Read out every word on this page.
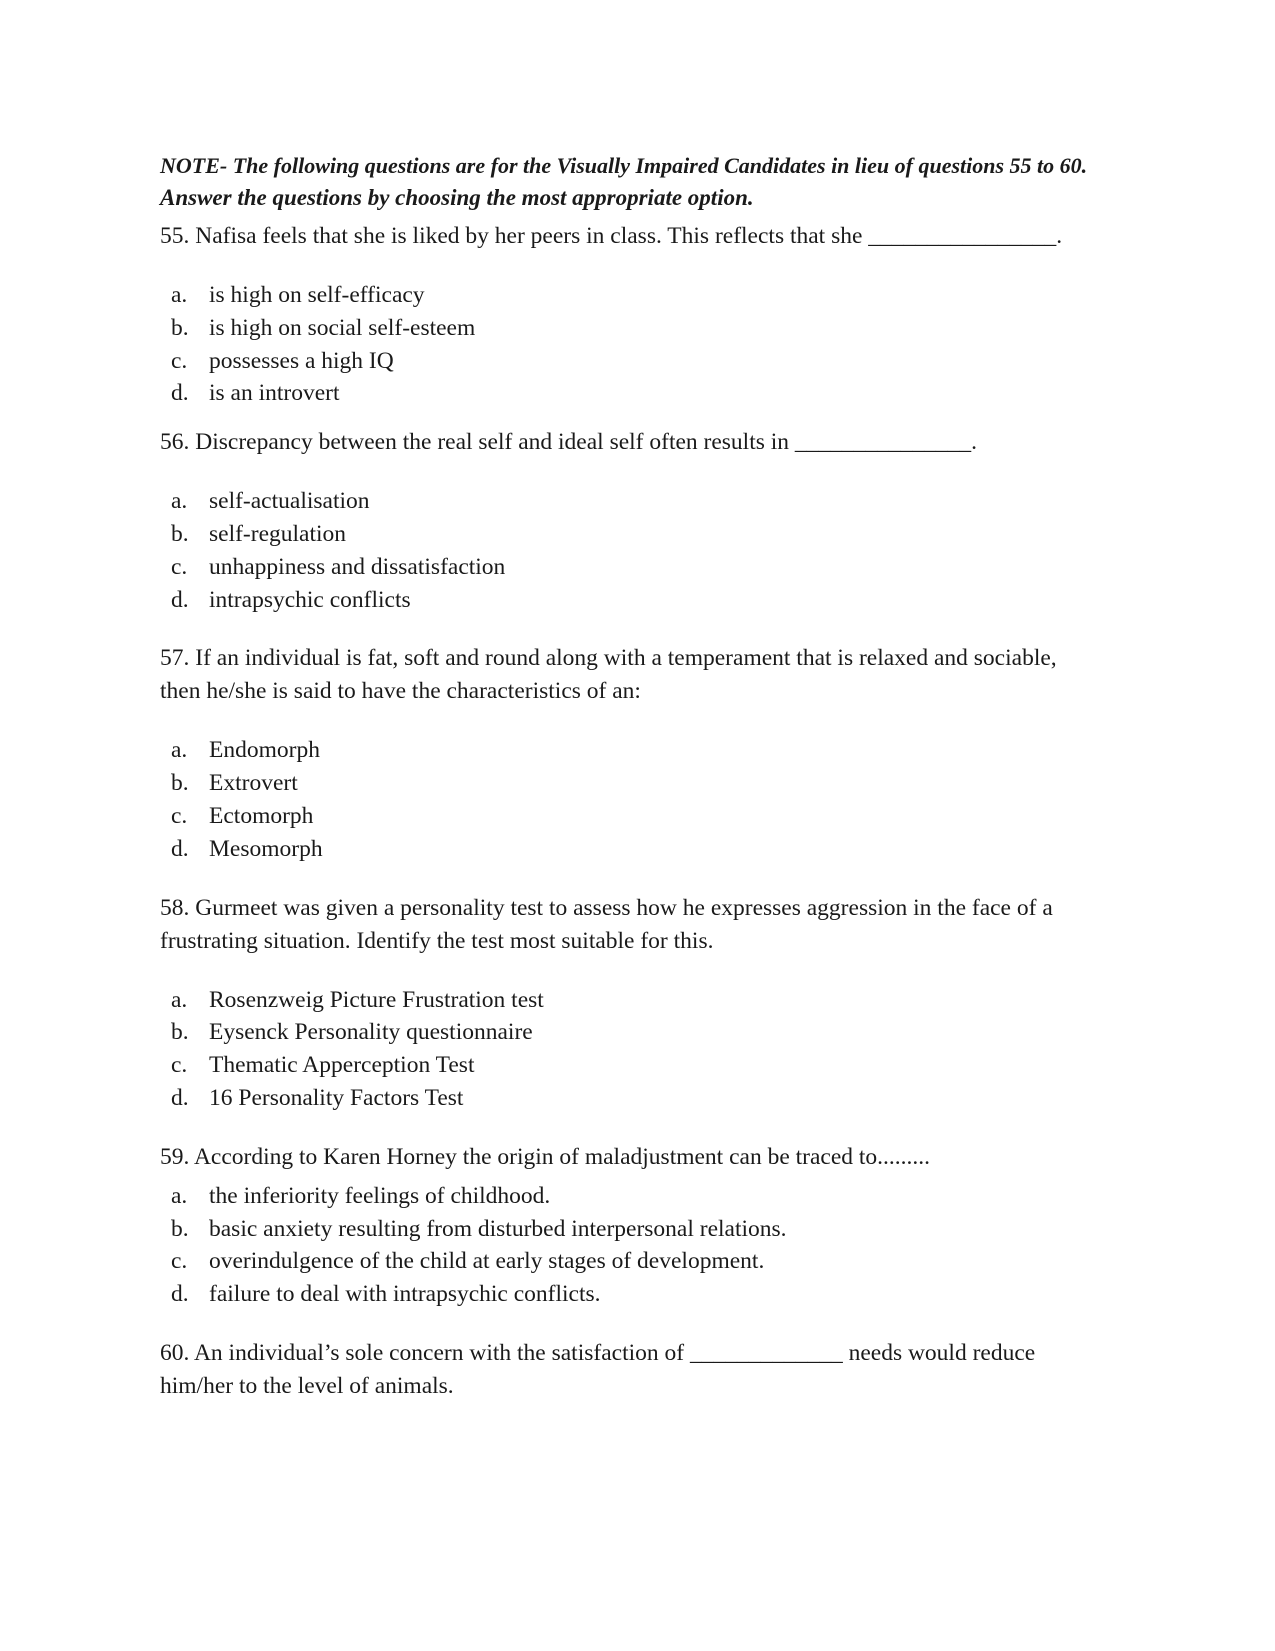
NOTE- The following questions are for the Visually Impaired Candidates in lieu of questions 55 to 60.
Answer the questions by choosing the most appropriate option.

55. Nafisa feels that she is liked by her peers in class. This reflects that she ________________.

a. is high on self-efficacy
b. is high on social self-esteem
c. possesses a high IQ
d. is an introvert

56. Discrepancy between the real self and ideal self often results in _______________.

a. self-actualisation
b. self-regulation
c. unhappiness and dissatisfaction
d. intrapsychic conflicts

57. If an individual is fat, soft and round along with a temperament that is relaxed and sociable,
then he/she is said to have the characteristics of an:

a. Endomorph
b. Extrovert
c. Ectomorph
d. Mesomorph

58. Gurmeet was given a personality test to assess how he expresses aggression in the face of a
frustrating situation. Identify the test most suitable for this.

a. Rosenzweig Picture Frustration test
b. Eysenck Personality questionnaire
c. Thematic Apperception Test
d. 16 Personality Factors Test

59. According to Karen Horney the origin of maladjustment can be traced to.........

a. the inferiority feelings of childhood.
b. basic anxiety resulting from disturbed interpersonal relations.
c. overindulgence of the child at early stages of development.
d. failure to deal with intrapsychic conflicts.

60. An individual’s sole concern with the satisfaction of _____________ needs would reduce
him/her to the level of animals.
